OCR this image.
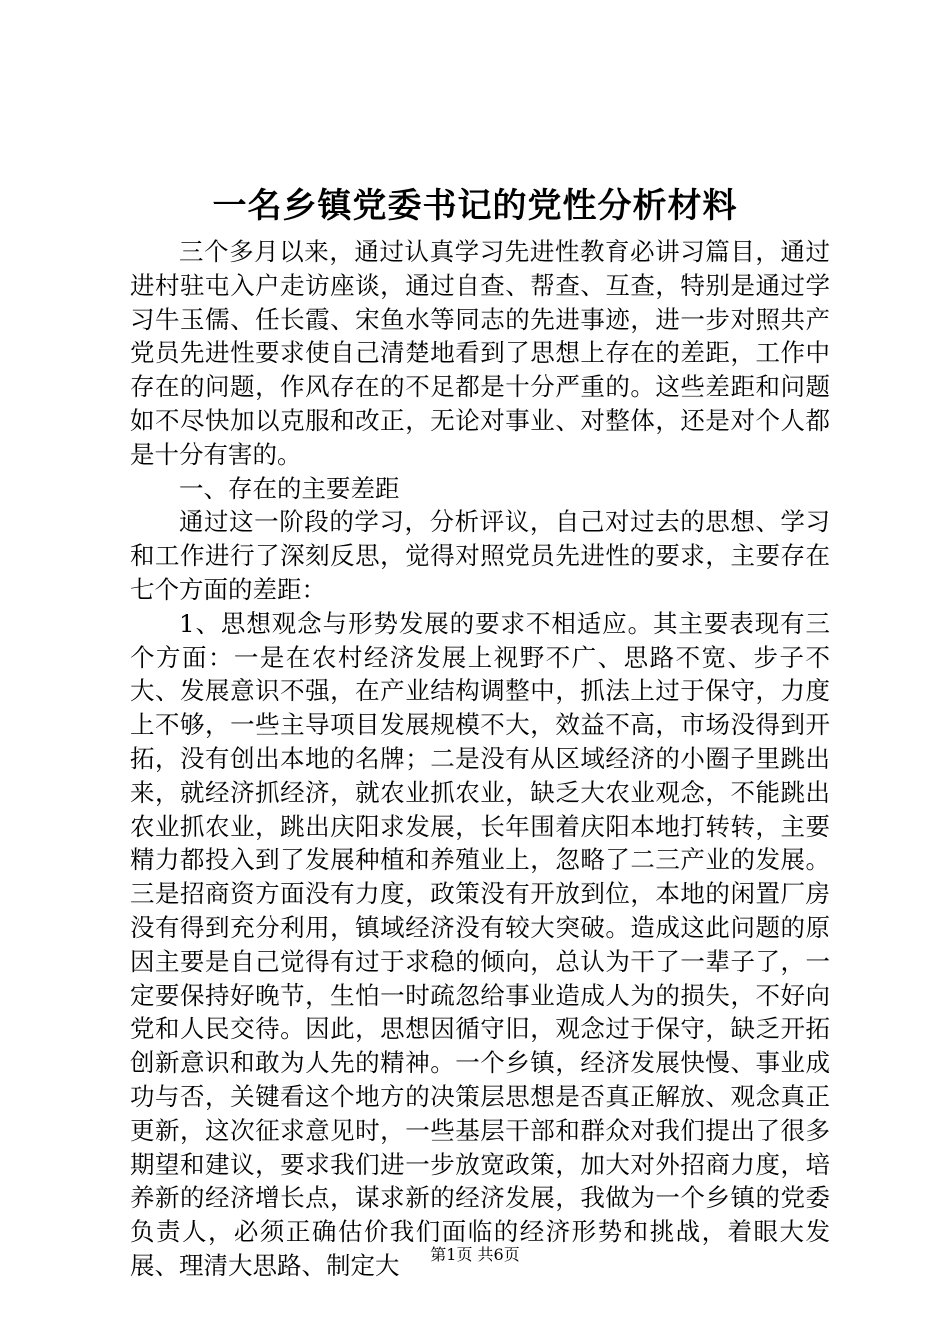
一名乡镇党委书记的党性分析材料

三个多月以来，通过认真学习先进性教育必讲习篇目，通过进村驻屯入户走访座谈，通过自查、帮查、互查，特别是通过学习牛玉儒、任长霞、宋鱼水等同志的先进事迹，进一步对照共产党员先进性要求使自己清楚地看到了思想上存在的差距，工作中存在的问题，作风存在的不足都是十分严重的。这些差距和问题如不尽快加以克服和改正，无论对事业、对整体，还是对个人都是十分有害的。

一、存在的主要差距

通过这一阶段的学习，分析评议，自己对过去的思想、学习和工作进行了深刻反思，觉得对照党员先进性的要求，主要存在七个方面的差距：

1、思想观念与形势发展的要求不相适应。其主要表现有三个方面：一是在农村经济发展上视野不广、思路不宽、步子不大、发展意识不强，在产业结构调整中，抓法上过于保守，力度上不够，一些主导项目发展规模不大，效益不高，市场没得到开拓，没有创出本地的名牌；二是没有从区域经济的小圈子里跳出来，就经济抓经济，就农业抓农业，缺乏大农业观念，不能跳出农业抓农业，跳出庆阳求发展，长年围着庆阳本地打转转，主要精力都投入到了发展种植和养殖业上，忽略了二三产业的发展。三是招商资方面没有力度，政策没有开放到位，本地的闲置厂房没有得到充分利用，镇域经济没有较大突破。造成这此问题的原因主要是自己觉得有过于求稳的倾向，总认为干了一辈子了，一定要保持好晚节，生怕一时疏忽给事业造成人为的损失，不好向党和人民交待。因此，思想因循守旧，观念过于保守，缺乏开拓创新意识和敢为人先的精神。一个乡镇，经济发展快慢、事业成功与否，关键看这个地方的决策层思想是否真正解放、观念真正更新，这次征求意见时，一些基层干部和群众对我们提出了很多期望和建议，要求我们进一步放宽政策，加大对外招商力度，培养新的经济增长点，谋求新的经济发展，我做为一个乡镇的党委负责人，必须正确估价我们面临的经济形势和挑战，着眼大发展、理清大思路、制定大	第1页 共6页
